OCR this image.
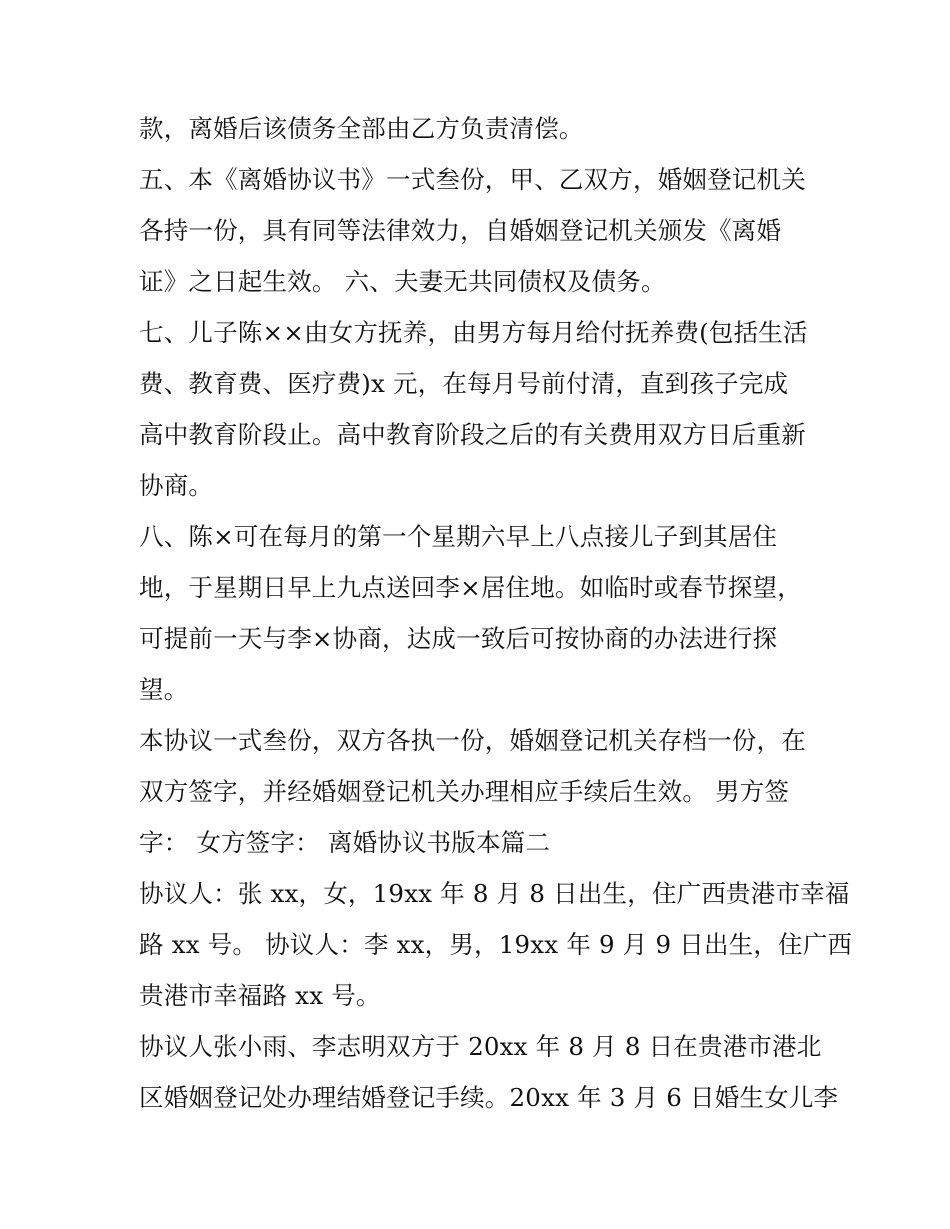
款，离婚后该债务全部由乙方负责清偿。
五、本《离婚协议书》一式叁份，甲、乙双方，婚姻登记机关
各持一份，具有同等法律效力，自婚姻登记机关颁发《离婚
证》之日起生效。 六、夫妻无共同债权及债务。
七、儿子陈××由女方抚养，由男方每月给付抚养费(包括生活
费、教育费、医疗费)x 元，在每月号前付清，直到孩子完成
高中教育阶段止。高中教育阶段之后的有关费用双方日后重新
协商。
八、陈×可在每月的第一个星期六早上八点接儿子到其居住
地，于星期日早上九点送回李×居住地。如临时或春节探望，
可提前一天与李×协商，达成一致后可按协商的办法进行探
望。
本协议一式叁份，双方各执一份，婚姻登记机关存档一份，在
双方签字，并经婚姻登记机关办理相应手续后生效。 男方签
字： 女方签字： 离婚协议书版本篇二
协议人：张 xx，女，19xx 年 8 月 8 日出生，住广西贵港市幸福
路 xx 号。 协议人：李 xx，男，19xx 年 9 月 9 日出生，住广西
贵港市幸福路 xx 号。
协议人张小雨、李志明双方于 20xx 年 8 月 8 日在贵港市港北
区婚姻登记处办理结婚登记手续。20xx 年 3 月 6 日婚生女儿李
